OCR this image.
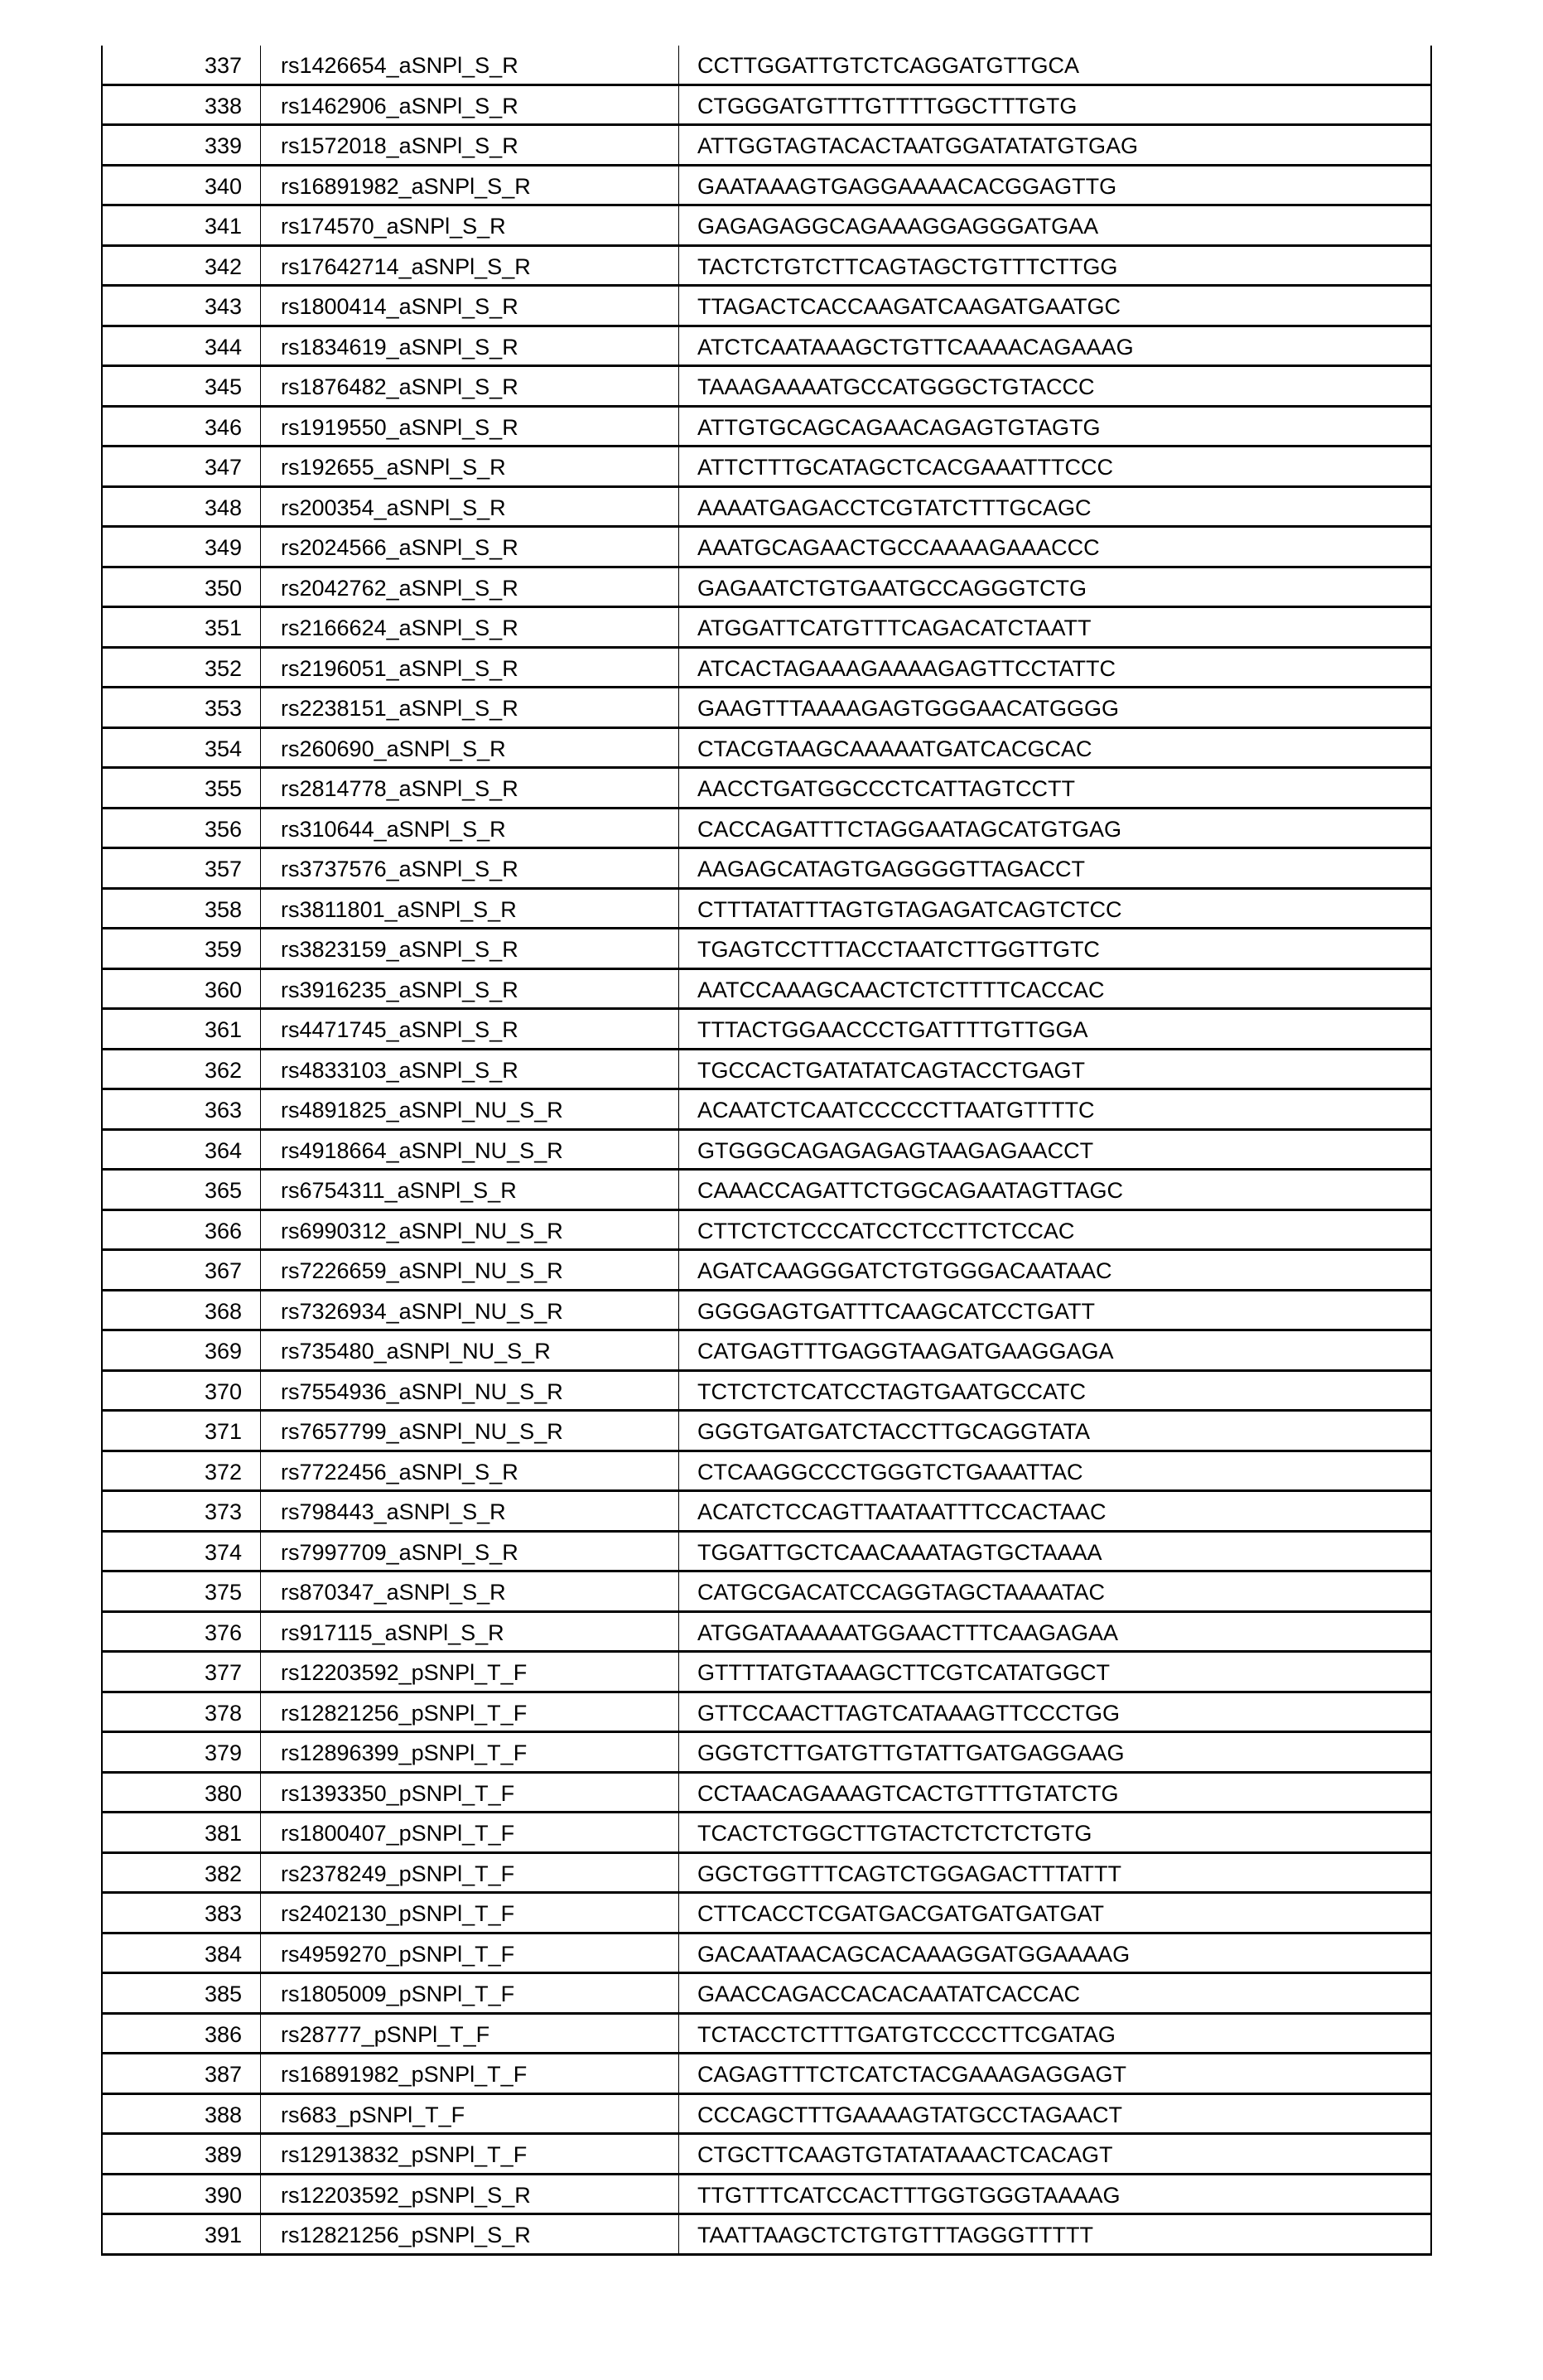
337	rs1426654_aSNPl_S_R	CCTTGGATTGTCTCAGGATGTTGCA
338	rs1462906_aSNPl_S_R	CTGGGATGTTTGTTTTGGCTTTGTG
339	rs1572018_aSNPl_S_R	ATTGGTAGTACACTAATGGATATATGTGAG
340	rs16891982_aSNPl_S_R	GAATAAAGTGAGGAAAACACGGAGTTG
341	rs174570_aSNPl_S_R	GAGAGAGGCAGAAAGGAGGGATGAA
342	rs17642714_aSNPl_S_R	TACTCTGTCTTCAGTAGCTGTTTCTTGG
343	rs1800414_aSNPl_S_R	TTAGACTCACCAAGATCAAGATGAATGC
344	rs1834619_aSNPl_S_R	ATCTCAATAAAGCTGTTCAAAACAGAAAG
345	rs1876482_aSNPl_S_R	TAAAGAAAATGCCATGGGCTGTACCC
346	rs1919550_aSNPl_S_R	ATTGTGCAGCAGAACAGAGTGTAGTG
347	rs192655_aSNPl_S_R	ATTCTTTGCATAGCTCACGAAATTTCCC
348	rs200354_aSNPl_S_R	AAAATGAGACCTCGTATCTTTGCAGC
349	rs2024566_aSNPl_S_R	AAATGCAGAACTGCCAAAAGAAACCC
350	rs2042762_aSNPl_S_R	GAGAATCTGTGAATGCCAGGGTCTG
351	rs2166624_aSNPl_S_R	ATGGATTCATGTTTCAGACATCTAATT
352	rs2196051_aSNPl_S_R	ATCACTAGAAAGAAAAGAGTTCCTATTC
353	rs2238151_aSNPl_S_R	GAAGTTTAAAAGAGTGGGAACATGGGG
354	rs260690_aSNPl_S_R	CTACGTAAGCAAAAATGATCACGCAC
355	rs2814778_aSNPl_S_R	AACCTGATGGCCCTCATTAGTCCTT
356	rs310644_aSNPl_S_R	CACCAGATTTCTAGGAATAGCATGTGAG
357	rs3737576_aSNPl_S_R	AAGAGCATAGTGAGGGGTTAGACCT
358	rs3811801_aSNPl_S_R	CTTTATATTTAGTGTAGAGATCAGTCTCC
359	rs3823159_aSNPl_S_R	TGAGTCCTTTACCTAATCTTGGTTGTC
360	rs3916235_aSNPl_S_R	AATCCAAAGCAACTCTCTTTTCACCAC
361	rs4471745_aSNPl_S_R	TTTACTGGAACCCTGATTTTGTTGGA
362	rs4833103_aSNPl_S_R	TGCCACTGATATATCAGTACCTGAGT
363	rs4891825_aSNPl_NU_S_R	ACAATCTCAATCCCCCTTAATGTTTTC
364	rs4918664_aSNPl_NU_S_R	GTGGGCAGAGAGAGTAAGAGAACCT
365	rs6754311_aSNPl_S_R	CAAACCAGATTCTGGCAGAATAGTTAGC
366	rs6990312_aSNPl_NU_S_R	CTTCTCTCCCATCCTCCTTCTCCAC
367	rs7226659_aSNPl_NU_S_R	AGATCAAGGGATCTGTGGGACAATAAC
368	rs7326934_aSNPl_NU_S_R	GGGGAGTGATTTCAAGCATCCTGATT
369	rs735480_aSNPl_NU_S_R	CATGAGTTTGAGGTAAGATGAAGGAGA
370	rs7554936_aSNPl_NU_S_R	TCTCTCTCATCCTAGTGAATGCCATC
371	rs7657799_aSNPl_NU_S_R	GGGTGATGATCTACCTTGCAGGTATA
372	rs7722456_aSNPl_S_R	CTCAAGGCCCTGGGTCTGAAATTAC
373	rs798443_aSNPl_S_R	ACATCTCCAGTTAATAATTTCCACTAAC
374	rs7997709_aSNPl_S_R	TGGATTGCTCAACAAATAGTGCTAAAA
375	rs870347_aSNPl_S_R	CATGCGACATCCAGGTAGCTAAAATAC
376	rs917115_aSNPl_S_R	ATGGATAAAAATGGAACTTTCAAGAGAA
377	rs12203592_pSNPl_T_F	GTTTTATGTAAAGCTTCGTCATATGGCT
378	rs12821256_pSNPl_T_F	GTTCCAACTTAGTCATAAAGTTCCCTGG
379	rs12896399_pSNPl_T_F	GGGTCTTGATGTTGTATTGATGAGGAAG
380	rs1393350_pSNPl_T_F	CCTAACAGAAAGTCACTGTTTGTATCTG
381	rs1800407_pSNPl_T_F	TCACTCTGGCTTGTACTCTCTCTGTG
382	rs2378249_pSNPl_T_F	GGCTGGTTTCAGTCTGGAGACTTTATTT
383	rs2402130_pSNPl_T_F	CTTCACCTCGATGACGATGATGATGAT
384	rs4959270_pSNPl_T_F	GACAATAACAGCACAAAGGATGGAAAAG
385	rs1805009_pSNPl_T_F	GAACCAGACCACACAATATCACCAC
386	rs28777_pSNPl_T_F	TCTACCTCTTTGATGTCCCCTTCGATAG
387	rs16891982_pSNPl_T_F	CAGAGTTTCTCATCTACGAAAGAGGAGT
388	rs683_pSNPl_T_F	CCCAGCTTTGAAAAGTATGCCTAGAACT
389	rs12913832_pSNPl_T_F	CTGCTTCAAGTGTATATAAACTCACAGT
390	rs12203592_pSNPl_S_R	TTGTTTCATCCACTTTGGTGGGTAAAAG
391	rs12821256_pSNPl_S_R	TAATTAAGCTCTGTGTTTAGGGTTTTT
